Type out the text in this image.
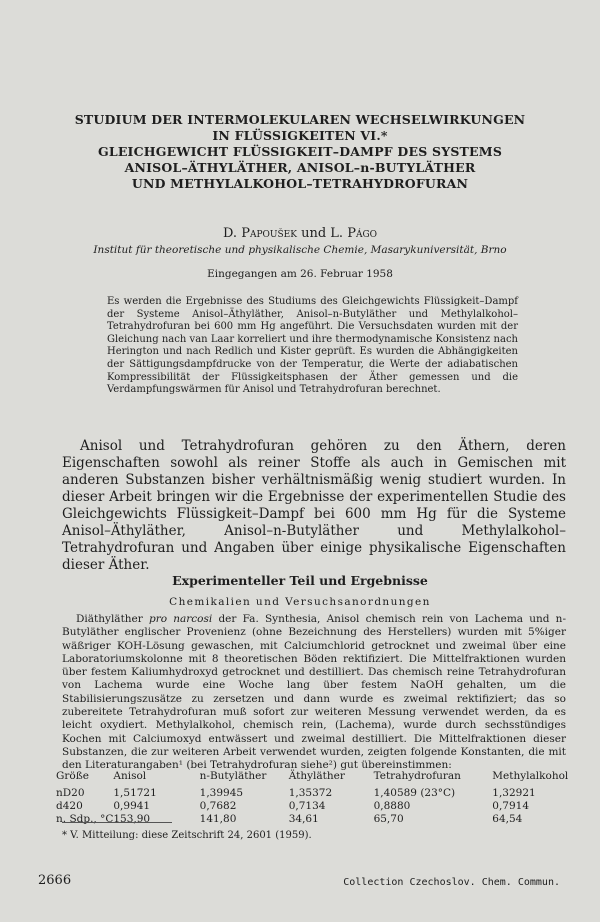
STUDIUM DER INTERMOLEKULAREN WECHSELWIRKUNGEN
IN FLÜSSIGKEITEN VI.*
GLEICHGEWICHT FLÜSSIGKEIT–DAMPF DES SYSTEMS
ANISOL–ÄTHYLÄTHER, ANISOL–n-BUTYLÄTHER
UND METHYLALKOHOL–TETRAHYDROFURAN
D. Papoušek und L. Págo
Institut für theoretische und physikalische Chemie, Masarykuniversität, Brno
Eingegangen am 26. Februar 1958
Es werden die Ergebnisse des Studiums des Gleichgewichts Flüssigkeit–Dampf der Systeme Anisol–Äthyläther, Anisol–n-Butyläther und Methylalkohol–Tetrahydrofuran bei 600 mm Hg angeführt. Die Versuchsdaten wurden mit der Gleichung nach van Laar korreliert und ihre thermodynamische Konsistenz nach Herington und nach Redlich und Kister geprüft. Es wurden die Abhängigkeiten der Sättigungsdampfdrucke von der Temperatur, die Werte der adiabatischen Kompressibilität der Flüssigkeitsphasen der Äther gemessen und die Verdampfungswärmen für Anisol und Tetrahydrofuran berechnet.
Anisol und Tetrahydrofuran gehören zu den Äthern, deren Eigenschaften sowohl als reiner Stoffe als auch in Gemischen mit anderen Substanzen bisher verhältnismäßig wenig studiert wurden. In dieser Arbeit bringen wir die Ergebnisse der experimentellen Studie des Gleichgewichts Flüssigkeit–Dampf bei 600 mm Hg für die Systeme Anisol–Äthyläther, Anisol–n-Butyläther und Methylalkohol–Tetrahydrofuran und Angaben über einige physikalische Eigenschaften dieser Äther.
Experimenteller Teil und Ergebnisse
Chemikalien und Versuchsanordnungen
Diäthyläther pro narcosi der Fa. Synthesia, Anisol chemisch rein von Lachema und n-Butyläther englischer Provenienz (ohne Bezeichnung des Herstellers) wurden mit 5%iger wäßriger KOH-Lösung gewaschen, mit Calciumchlorid getrocknet und zweimal über eine Laboratoriumskolonne mit 8 theoretischen Böden rektifiziert. Die Mittelfraktionen wurden über festem Kaliumhydroxyd getrocknet und destilliert. Das chemisch reine Tetrahydrofuran von Lachema wurde eine Woche lang über festem NaOH gehalten, um die Stabilisierungszusätze zu zersetzen und dann wurde es zweimal rektifiziert; das so zubereitete Tetrahydrofuran muß sofort zur weiteren Messung verwendet werden, da es leicht oxydiert. Methylalkohol, chemisch rein, (Lachema), wurde durch sechsstündiges Kochen mit Calciumoxyd entwässert und zweimal destilliert. Die Mittelfraktionen dieser Substanzen, die zur weiteren Arbeit verwendet wurden, zeigten folgende Konstanten, die mit den Literaturangaben¹ (bei Tetrahydrofuran siehe²) gut übereinstimmen:
Größe	Anisol	n-Butyläther	Äthyläther	Tetrahydrofuran	Methylalkohol
nD20	1,51721	1,39945	1,35372	1,40589 (23°C)	1,32921
d420	0,9941	0,7682	0,7134	0,8880	0,7914
n. Sdp., °C	153,90	141,80	34,61	65,70	64,54
* V. Mitteilung: diese Zeitschrift 24, 2601 (1959).
2666	Collection Czechoslov. Chem. Commun.
